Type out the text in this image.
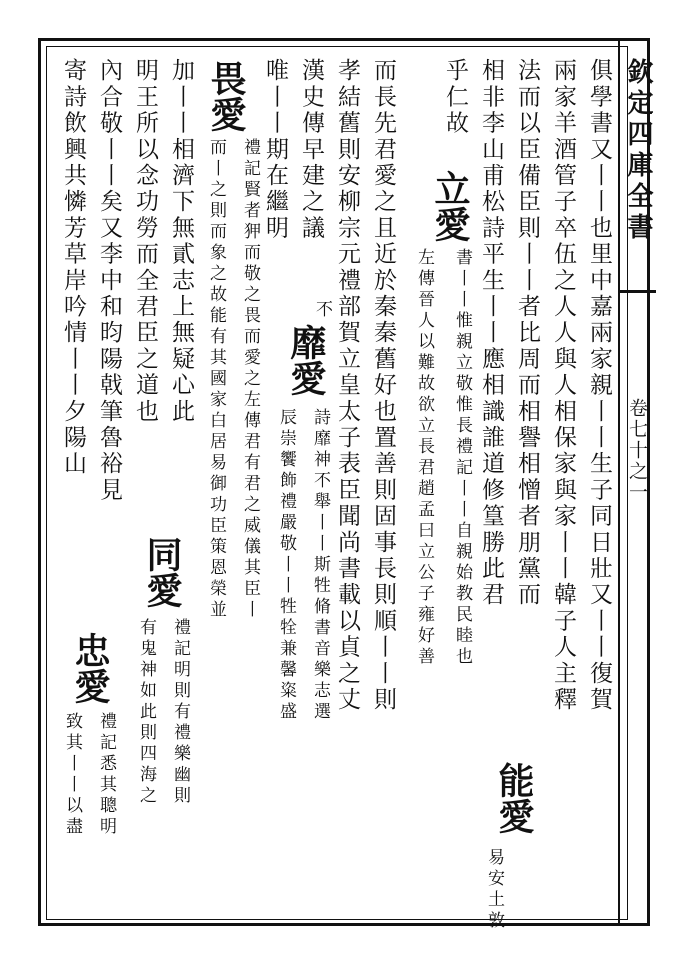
欽定四庫全書
卷七十之一
俱學書又丨丨也里中嘉兩家親丨丨生子同日壯又丨丨復賀
兩家羊酒管子卒伍之人人與人相保家與家丨丨韓子人主釋
法而以臣備臣則丨丨者比周而相譽相憎者朋黨而
相非李山甫松詩平生丨丨應相識誰道修篁勝此君
能愛
易安土敦
乎仁故
立愛
書丨丨惟親立敬惟長禮記丨丨自親始教民睦也
左傳晉人以難故欲立長君趙孟曰立公子雍好善
而長先君愛之且近於秦秦舊好也置善則固事長則順丨丨則
孝結舊則安柳宗元禮部賀立皇太子表臣聞尚書載以貞之丈
漢史傳早建之議
唯丨丨期在繼明
不
靡愛
詩靡神不舉丨丨斯牲脩書音樂志選
辰崇饗飾禮嚴敬丨丨牲牷兼馨粢盛
畏愛
禮記賢者狎而敬之畏而愛之左傳君有君之威儀其臣丨
而丨之則而象之故能有其國家白居易御功臣策恩榮並
加丨丨相濟下無貳志上無疑心此
明王所以念功勞而全君臣之道也
同愛
禮記明則有禮樂幽則
有鬼神如此則四海之
內合敬丨丨矣又李中和昀陽戟筆魯裕見
寄詩飲興共憐芳草岸吟情丨丨夕陽山
忠愛
禮記悉其聰明
致其丨丨以盡
